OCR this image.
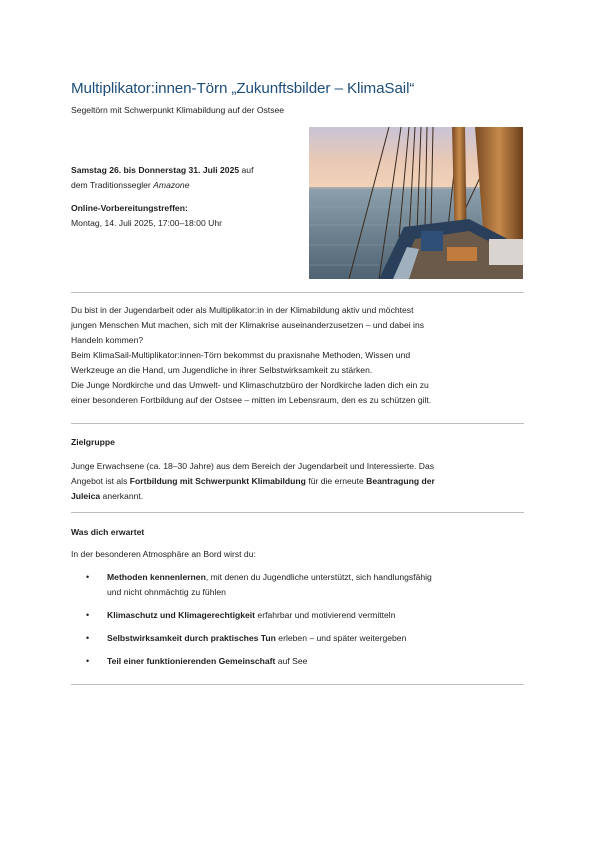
Multiplikator:innen-Törn „Zukunftsbilder – KlimaSail“
Segeltörn mit Schwerpunkt Klimabildung auf der Ostsee

Samstag 26. bis Donnerstag 31. Juli 2025 auf

dem Traditionssegler Amazone

Online-Vorbereitungstreffen:

Montag, 14. Juli 2025, 17:00–18:00 Uhr

Du bist in der Jugendarbeit oder als Multiplikator:in in der Klimabildung aktiv und möchtest

jungen Menschen Mut machen, sich mit der Klimakrise auseinanderzusetzen – und dabei ins

Handeln kommen?

Beim KlimaSail-Multiplikator:innen-Törn bekommst du praxisnahe Methoden, Wissen und

Werkzeuge an die Hand, um Jugendliche in ihrer Selbstwirksamkeit zu stärken.

Die Junge Nordkirche und das Umwelt- und Klimaschutzbüro der Nordkirche laden dich ein zu

einer besonderen Fortbildung auf der Ostsee – mitten im Lebensraum, den es zu schützen gilt.

Zielgruppe

Junge Erwachsene (ca. 18–30 Jahre) aus dem Bereich der Jugendarbeit und Interessierte. Das

Angebot ist als Fortbildung mit Schwerpunkt Klimabildung für die erneute Beantragung der

Juleica anerkannt.

Was dich erwartet
In der besonderen Atmosphäre an Bord wirst du:
• Methoden kennenlernen, mit denen du Jugendliche unterstützt, sich handlungsfähig
und nicht ohnmächtig zu fühlen
• Klimaschutz und Klimagerechtigkeit erfahrbar und motivierend vermitteln
• Selbstwirksamkeit durch praktisches Tun erleben – und später weitergeben
• Teil einer funktionierenden Gemeinschaft auf See
